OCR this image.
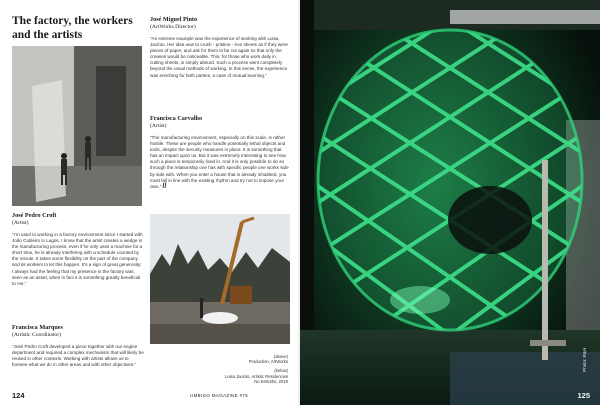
The factory, the workers and the artists
José Miguel Pinto
(ArtWorks Director)
“An extreme example was the experience of working with Luisa Jacinto. Her idea was to crush - pristine - iron sheets as if they were pieces of paper, and ask for them to be cut again so that only the creases would be noticeable. This, for those who work daily in cutting sheets, is simply absurd. Such a process went completely beyond the usual methods of working. In this sense, the experience was enriching for both parties, a case of mutual learning.”
Francisca Carvalho
(Artist)
“The manufacturing environment, especially on this scale, is rather hostile. These are people who handle potentially lethal objects and tools, despite the security measures in place. It is something that has an impact upon us. But it was extremely interesting to see how such a place is temporarily lived in. And it is only possible to do so through the relationship one has with specific people one works side by side with. When you enter a house that is already inhabited, you must fall in line with the existing rhythm and try not to impose your own.” //
José Pedro Croft
(Artist)
“I’m used to working in a factory environment since I started with João Cutileiro in Lagos. I know that the artist creates a wedge in the manufacturing process, even if he only uses a machine for a short time, he is already interfering with a schedule counted by the minute. It takes some flexibility on the part of the company and its workers to let this happen. It’s a sign of great generosity; I always had the feeling that my presence in the factory was seen as an asset, when in fact it is something greatly beneficial to me.”
Francisca Marques
(Artistic Coordinator)
“José Pedro Croft developed a piece together with our engine department and required a complex mechanism that will likely be reused in other contexts. Working with artists allows us to foresee what we do in other areas and with other objectives.”
(above)
Production, ArtWorks
(below)
Luisa Jacinto, Artistic Residencies
No Estrutho, 2019
124
Photo: R&H
UMBIGO MAGAZINE #75	125
